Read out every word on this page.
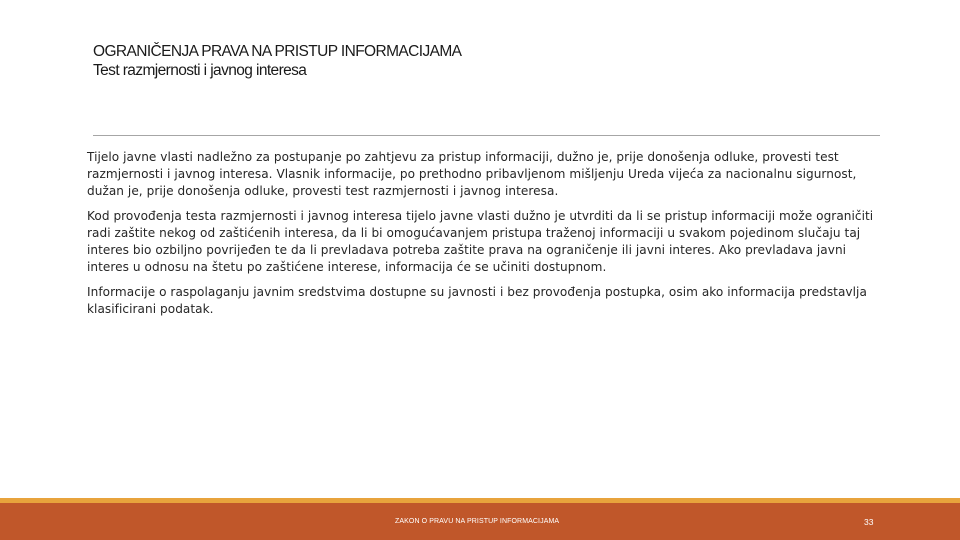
OGRANIČENJA PRAVA NA PRISTUP INFORMACIJAMA
Test razmjernosti i javnog interesa

Tijelo javne vlasti nadležno za postupanje po zahtjevu za pristup informaciji, dužno je, prije donošenja odluke, provesti test razmjernosti i javnog interesa. Vlasnik informacije, po prethodno pribavljenom mišljenju Ureda vijeća za nacionalnu sigurnost, dužan je, prije donošenja odluke, provesti test razmjernosti i javnog interesa.

Kod provođenja testa razmjernosti i javnog interesa tijelo javne vlasti dužno je utvrditi da li se pristup informaciji može ograničiti radi zaštite nekog od zaštićenih interesa, da li bi omogućavanjem pristupa traženoj informaciji u svakom pojedinom slučaju taj interes bio ozbiljno povrijeđen te da li prevladava potreba zaštite prava na ograničenje ili javni interes. Ako prevladava javni interes u odnosu na štetu po zaštićene interese, informacija će se učiniti dostupnom.

Informacije o raspolaganju javnim sredstvima dostupne su javnosti i bez provođenja postupka, osim ako informacija predstavlja klasificirani podatak.

ZAKON O PRAVU NA PRISTUP INFORMACIJAMA	33
